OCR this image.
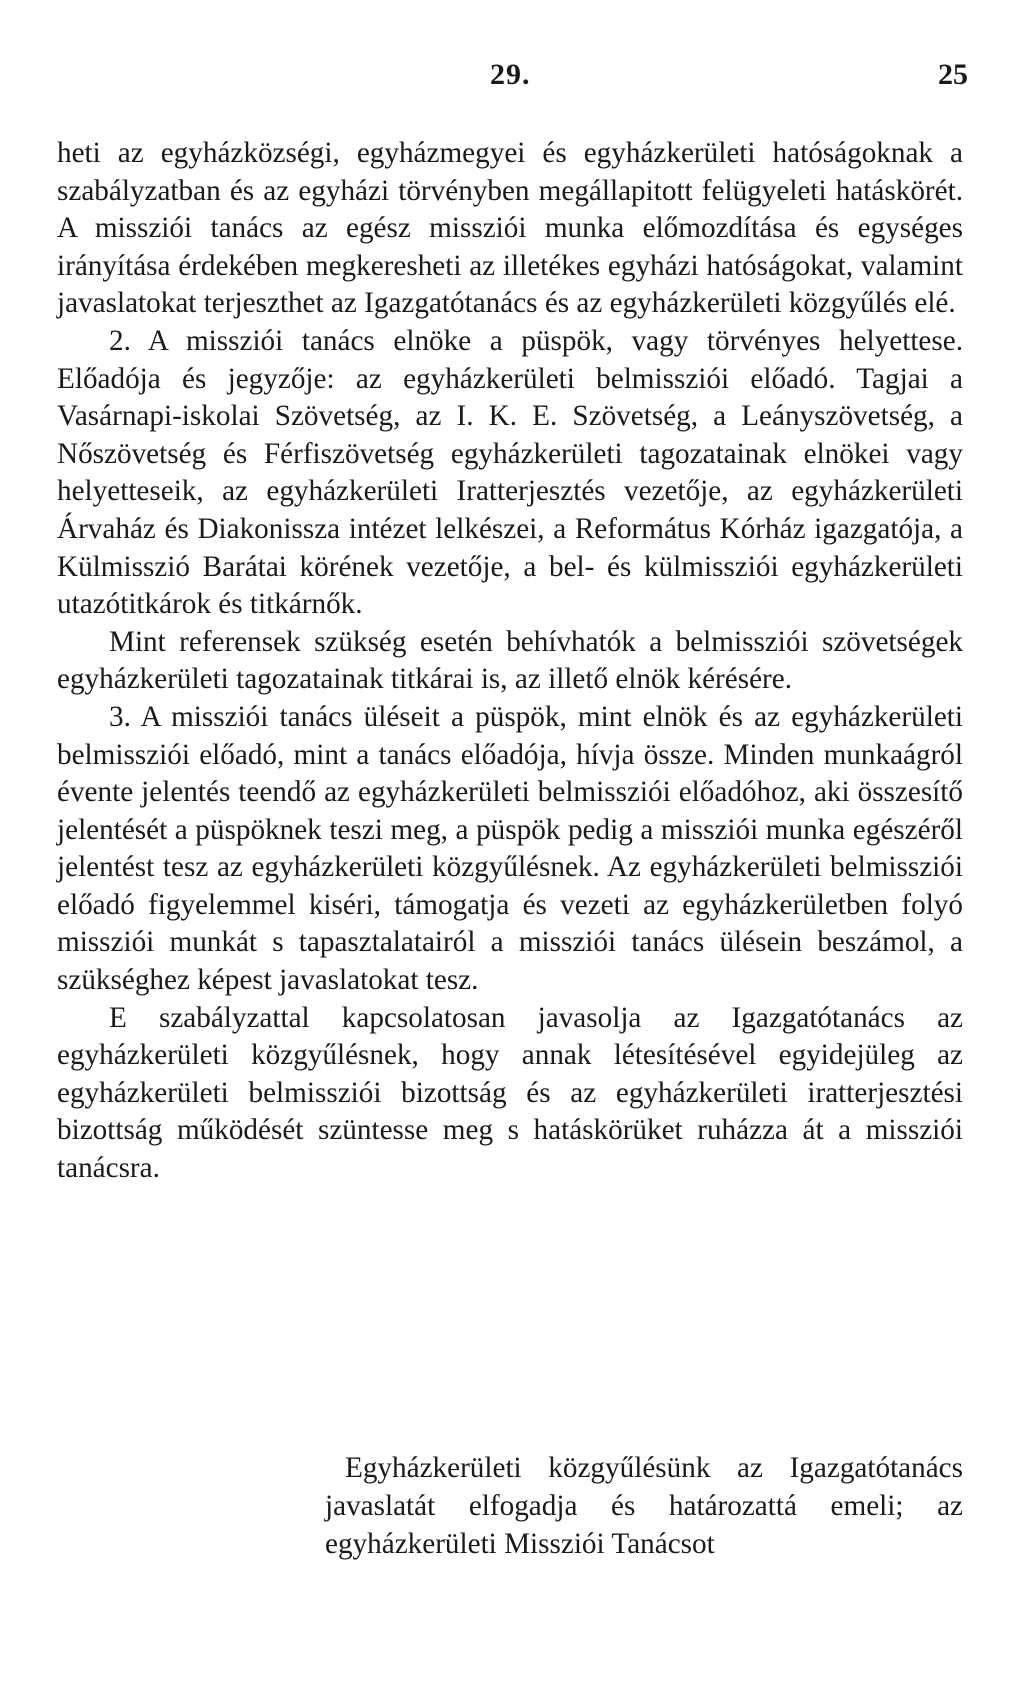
29.	25

heti az egyházközségi, egyházmegyei és egyházkerületi hatóságoknak a szabályzatban és az egyházi törvényben megállapitott felügyeleti hatáskörét. A missziói tanács az egész missziói munka előmozdítása és egységes irányítása érdekében megkeresheti az illetékes egyházi hatóságokat, valamint javaslatokat terjeszthet az Igazgatótanács és az egyházkerületi közgyűlés elé.

2. A missziói tanács elnöke a püspök, vagy törvényes helyettese. Előadója és jegyzője: az egyházkerületi belmissziói előadó. Tagjai a Vasárnapi-iskolai Szövetség, az I. K. E. Szövetség, a Leányszövetség, a Nőszövetség és Férfiszövetség egyházkerületi tagozatainak elnökei vagy helyetteseik, az egyházkerületi Iratterjesztés vezetője, az egyházkerületi Árvaház és Diakonissza intézet lelkészei, a Református Kórház igazgatója, a Külmisszió Barátai körének vezetője, a bel- és külmissziói egyházkerületi utazótitkárok és titkárnők.

Mint referensek szükség esetén behívhatók a belmissziói szövetségek egyházkerületi tagozatainak titkárai is, az illető elnök kérésére.

3. A missziói tanács üléseit a püspök, mint elnök és az egyházkerületi belmissziói előadó, mint a tanács előadója, hívja össze. Minden munkaágról évente jelentés teendő az egyházkerületi belmissziói előadóhoz, aki összesítő jelentését a püspöknek teszi meg, a püspök pedig a missziói munka egészéről jelentést tesz az egyházkerületi közgyűlésnek. Az egyházkerületi belmissziói előadó figyelemmel kiséri, támogatja és vezeti az egyházkerületben folyó missziói munkát s tapasztalatairól a missziói tanács ülésein beszámol, a szükséghez képest javaslatokat tesz.

E szabályzattal kapcsolatosan javasolja az Igazgatótanács az egyházkerületi közgyűlésnek, hogy annak létesítésével egyidejüleg az egyházkerületi belmissziói bizottság és az egyházkerületi iratterjesztési bizottság működését szüntesse meg s hatáskörüket ruházza át a missziói tanácsra.

Egyházkerületi közgyűlésünk az Igazgatótanács javaslatát elfogadja és határozattá emeli; az egyházkerületi Missziói Tanácsot
